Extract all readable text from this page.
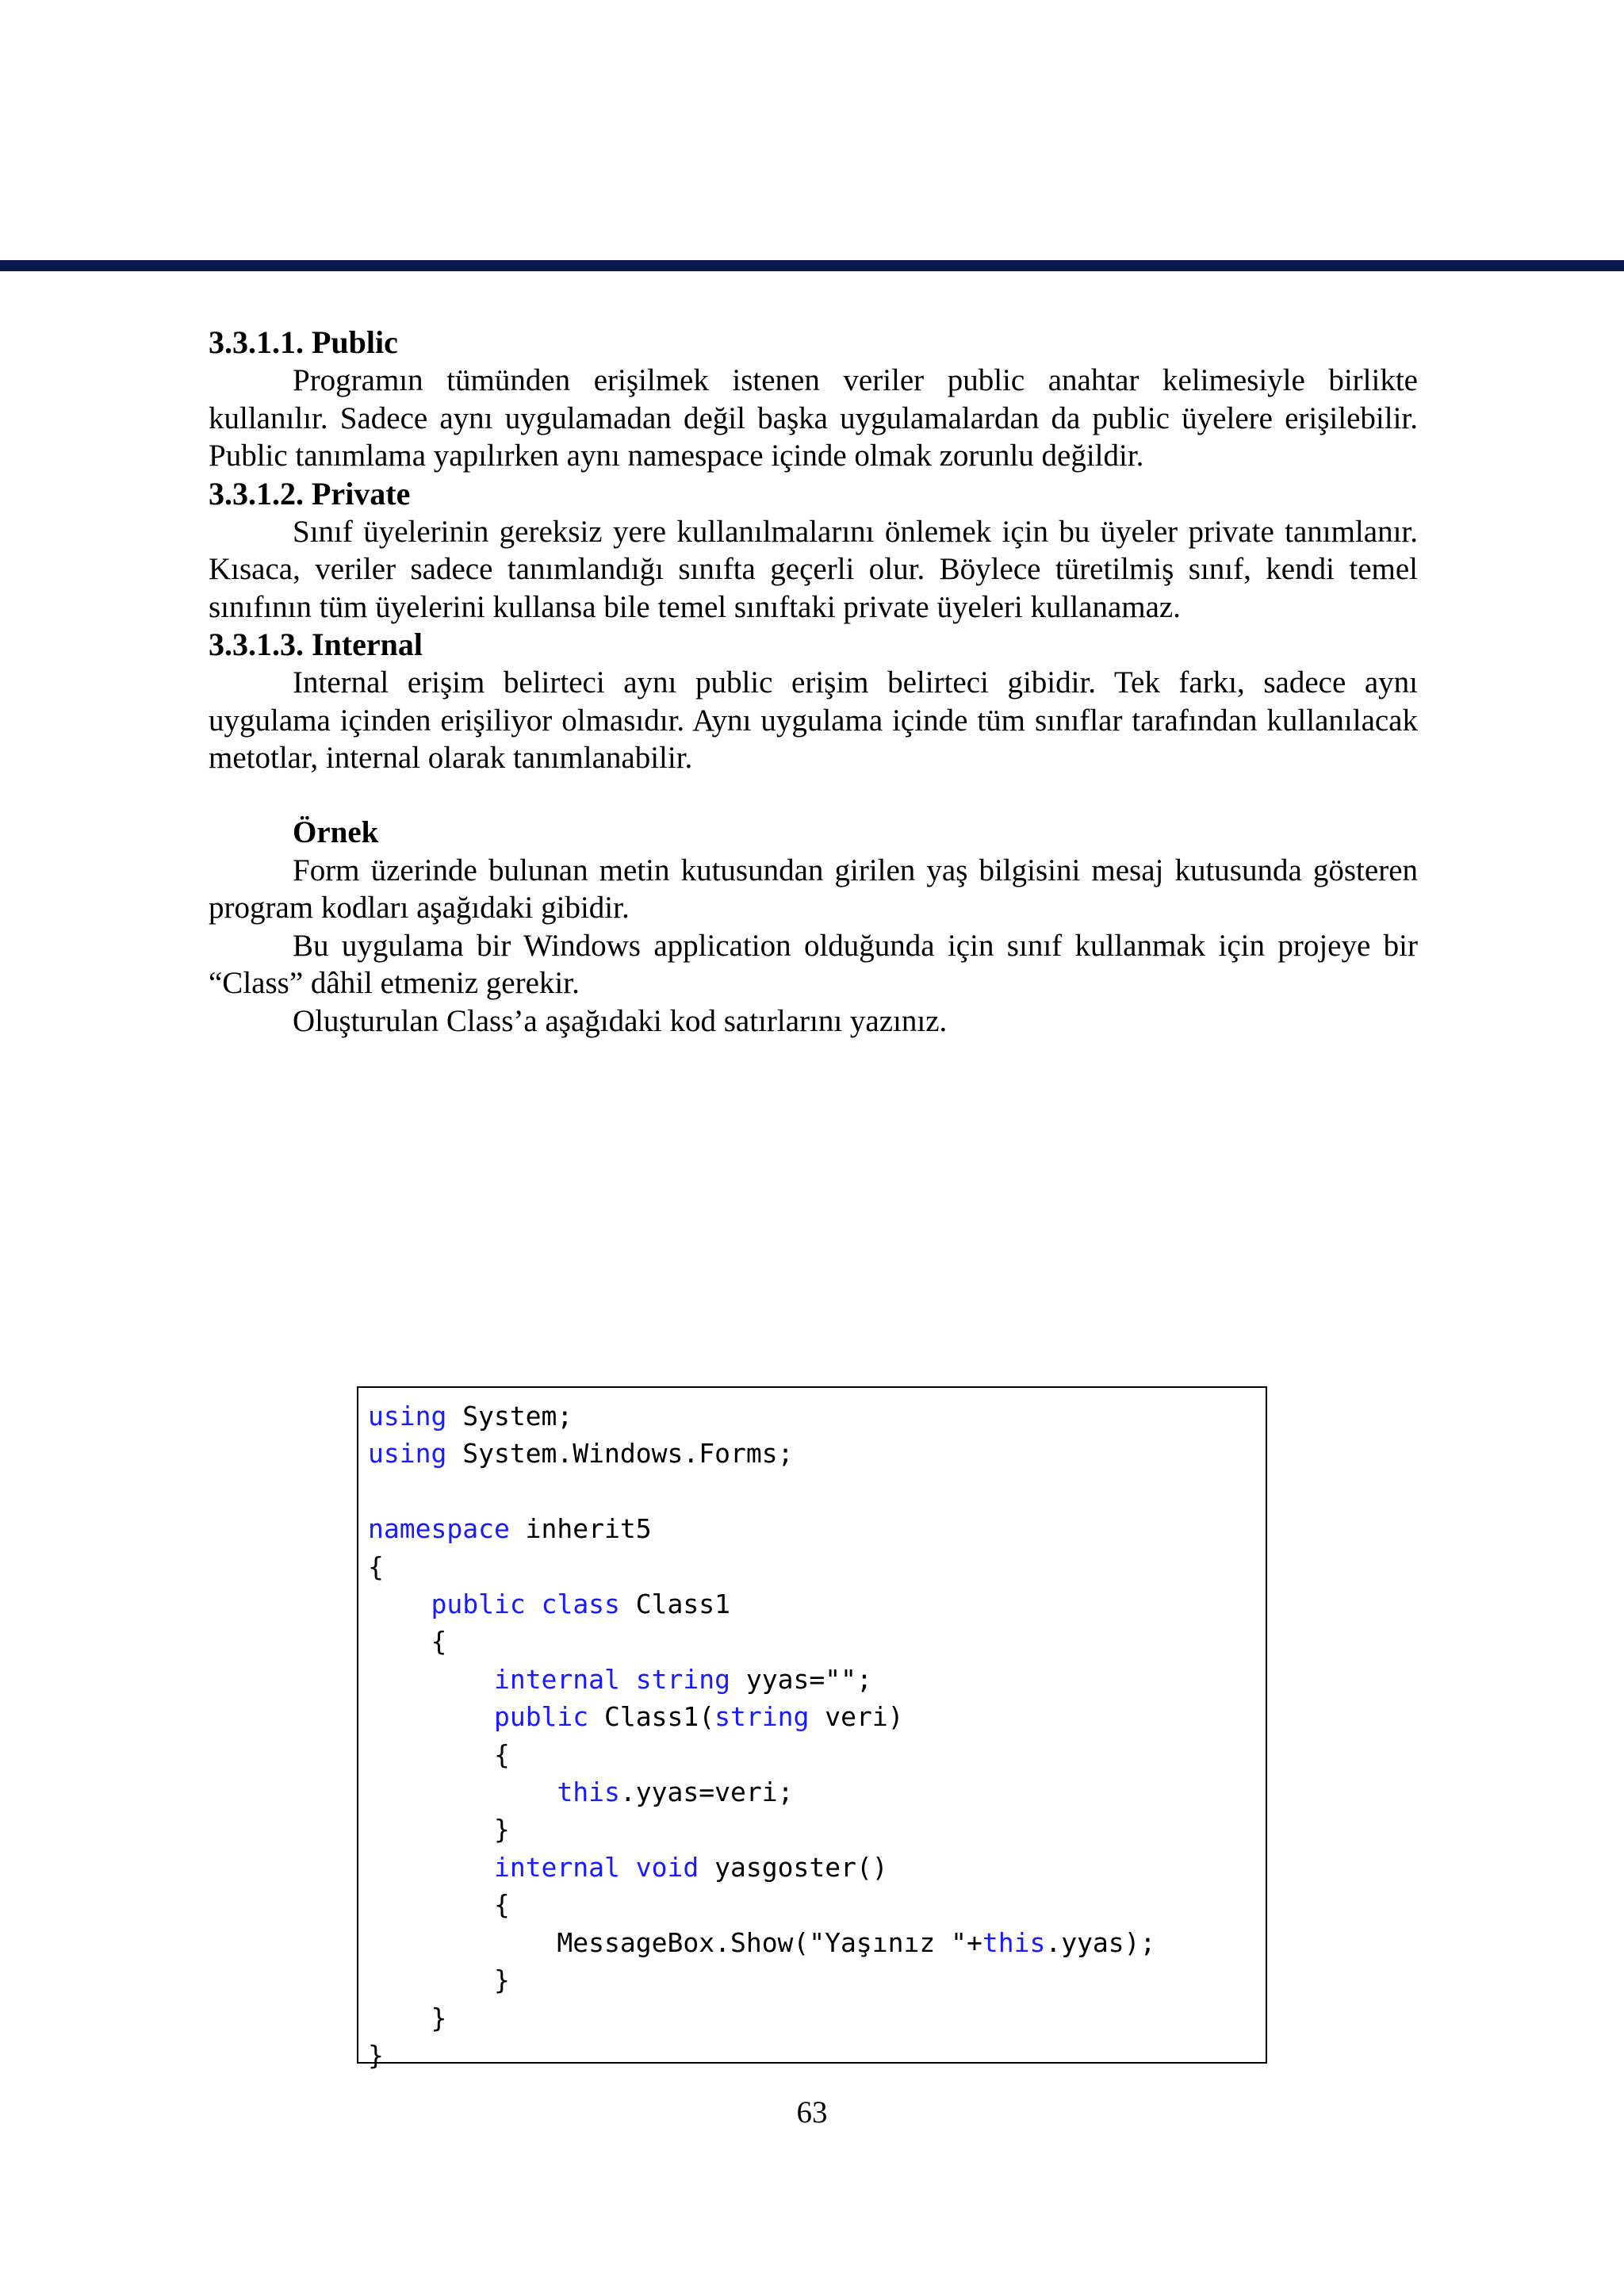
3.3.1.1. Public

Programın tümünden erişilmek istenen veriler public anahtar kelimesiyle birlikte kullanılır. Sadece aynı uygulamadan değil başka uygulamalardan da public üyelere erişilebilir. Public tanımlama yapılırken aynı namespace içinde olmak zorunlu değildir.

3.3.1.2. Private

Sınıf üyelerinin gereksiz yere kullanılmalarını önlemek için bu üyeler private tanımlanır. Kısaca, veriler sadece tanımlandığı sınıfta geçerli olur. Böylece türetilmiş sınıf, kendi temel sınıfının tüm üyelerini kullansa bile temel sınıftaki private üyeleri kullanamaz.

3.3.1.3. Internal

Internal erişim belirteci aynı public erişim belirteci gibidir. Tek farkı, sadece aynı uygulama içinden erişiliyor olmasıdır. Aynı uygulama içinde tüm sınıflar tarafından kullanılacak metotlar, internal olarak tanımlanabilir.

Örnek

Form üzerinde bulunan metin kutusundan girilen yaş bilgisini mesaj kutusunda gösteren program kodları aşağıdaki gibidir.

Bu uygulama bir Windows application olduğunda için sınıf kullanmak için projeye bir “Class” dâhil etmeniz gerekir.

Oluşturulan Class’a aşağıdaki kod satırlarını yazınız.

using System;
using System.Windows.Forms;

namespace inherit5
{
public class Class1
{
internal string yyas="";
public Class1(string veri)
{
this.yyas=veri;
}
internal void yasgoster()
{
MessageBox.Show("Yaşınız "+this.yyas);
}
}
}
63
